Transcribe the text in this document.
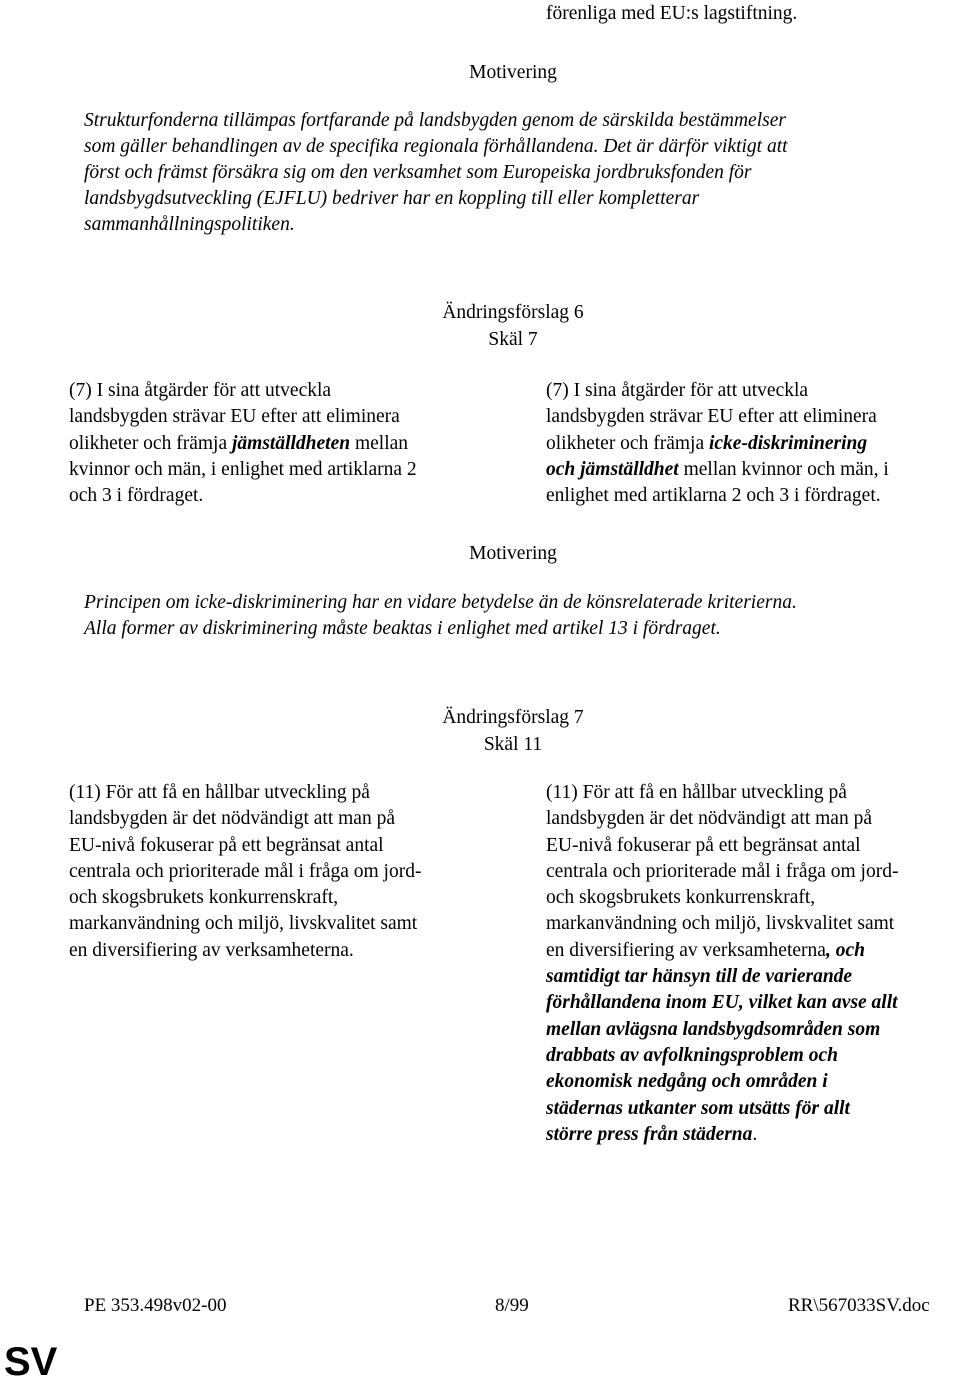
förenliga med EU:s lagstiftning.
Motivering
Strukturfonderna tillämpas fortfarande på landsbygden genom de särskilda bestämmelser
som gäller behandlingen av de specifika regionala förhållandena. Det är därför viktigt att
först och främst försäkra sig om den verksamhet som Europeiska jordbruksfonden för
landsbygdsutveckling (EJFLU) bedriver har en koppling till eller kompletterar
sammanhållningspolitiken.
Ändringsförslag 6
Skäl 7
(7) I sina åtgärder för att utveckla
landsbygden strävar EU efter att eliminera
olikheter och främja jämställdheten mellan
kvinnor och män, i enlighet med artiklarna 2
och 3 i fördraget.
(7) I sina åtgärder för att utveckla
landsbygden strävar EU efter att eliminera
olikheter och främja icke-diskriminering
och jämställdhet mellan kvinnor och män, i
enlighet med artiklarna 2 och 3 i fördraget.
Motivering
Principen om icke-diskriminering har en vidare betydelse än de könsrelaterade kriterierna.
Alla former av diskriminering måste beaktas i enlighet med artikel 13 i fördraget.
Ändringsförslag 7
Skäl 11
(11) För att få en hållbar utveckling på
landsbygden är det nödvändigt att man på
EU-nivå fokuserar på ett begränsat antal
centrala och prioriterade mål i fråga om jord-
och skogsbrukets konkurrenskraft,
markanvändning och miljö, livskvalitet samt
en diversifiering av verksamheterna.
(11) För att få en hållbar utveckling på
landsbygden är det nödvändigt att man på
EU-nivå fokuserar på ett begränsat antal
centrala och prioriterade mål i fråga om jord-
och skogsbrukets konkurrenskraft,
markanvändning och miljö, livskvalitet samt
en diversifiering av verksamheterna, och
samtidigt tar hänsyn till de varierande
förhållandena inom EU, vilket kan avse allt
mellan avlägsna landsbygdsområden som
drabbats av avfolkningsproblem och
ekonomisk nedgång och områden i
städernas utkanter som utsätts för allt
större press från städerna.
PE 353.498v02-00	8/99	RR\567033SV.doc
SV
